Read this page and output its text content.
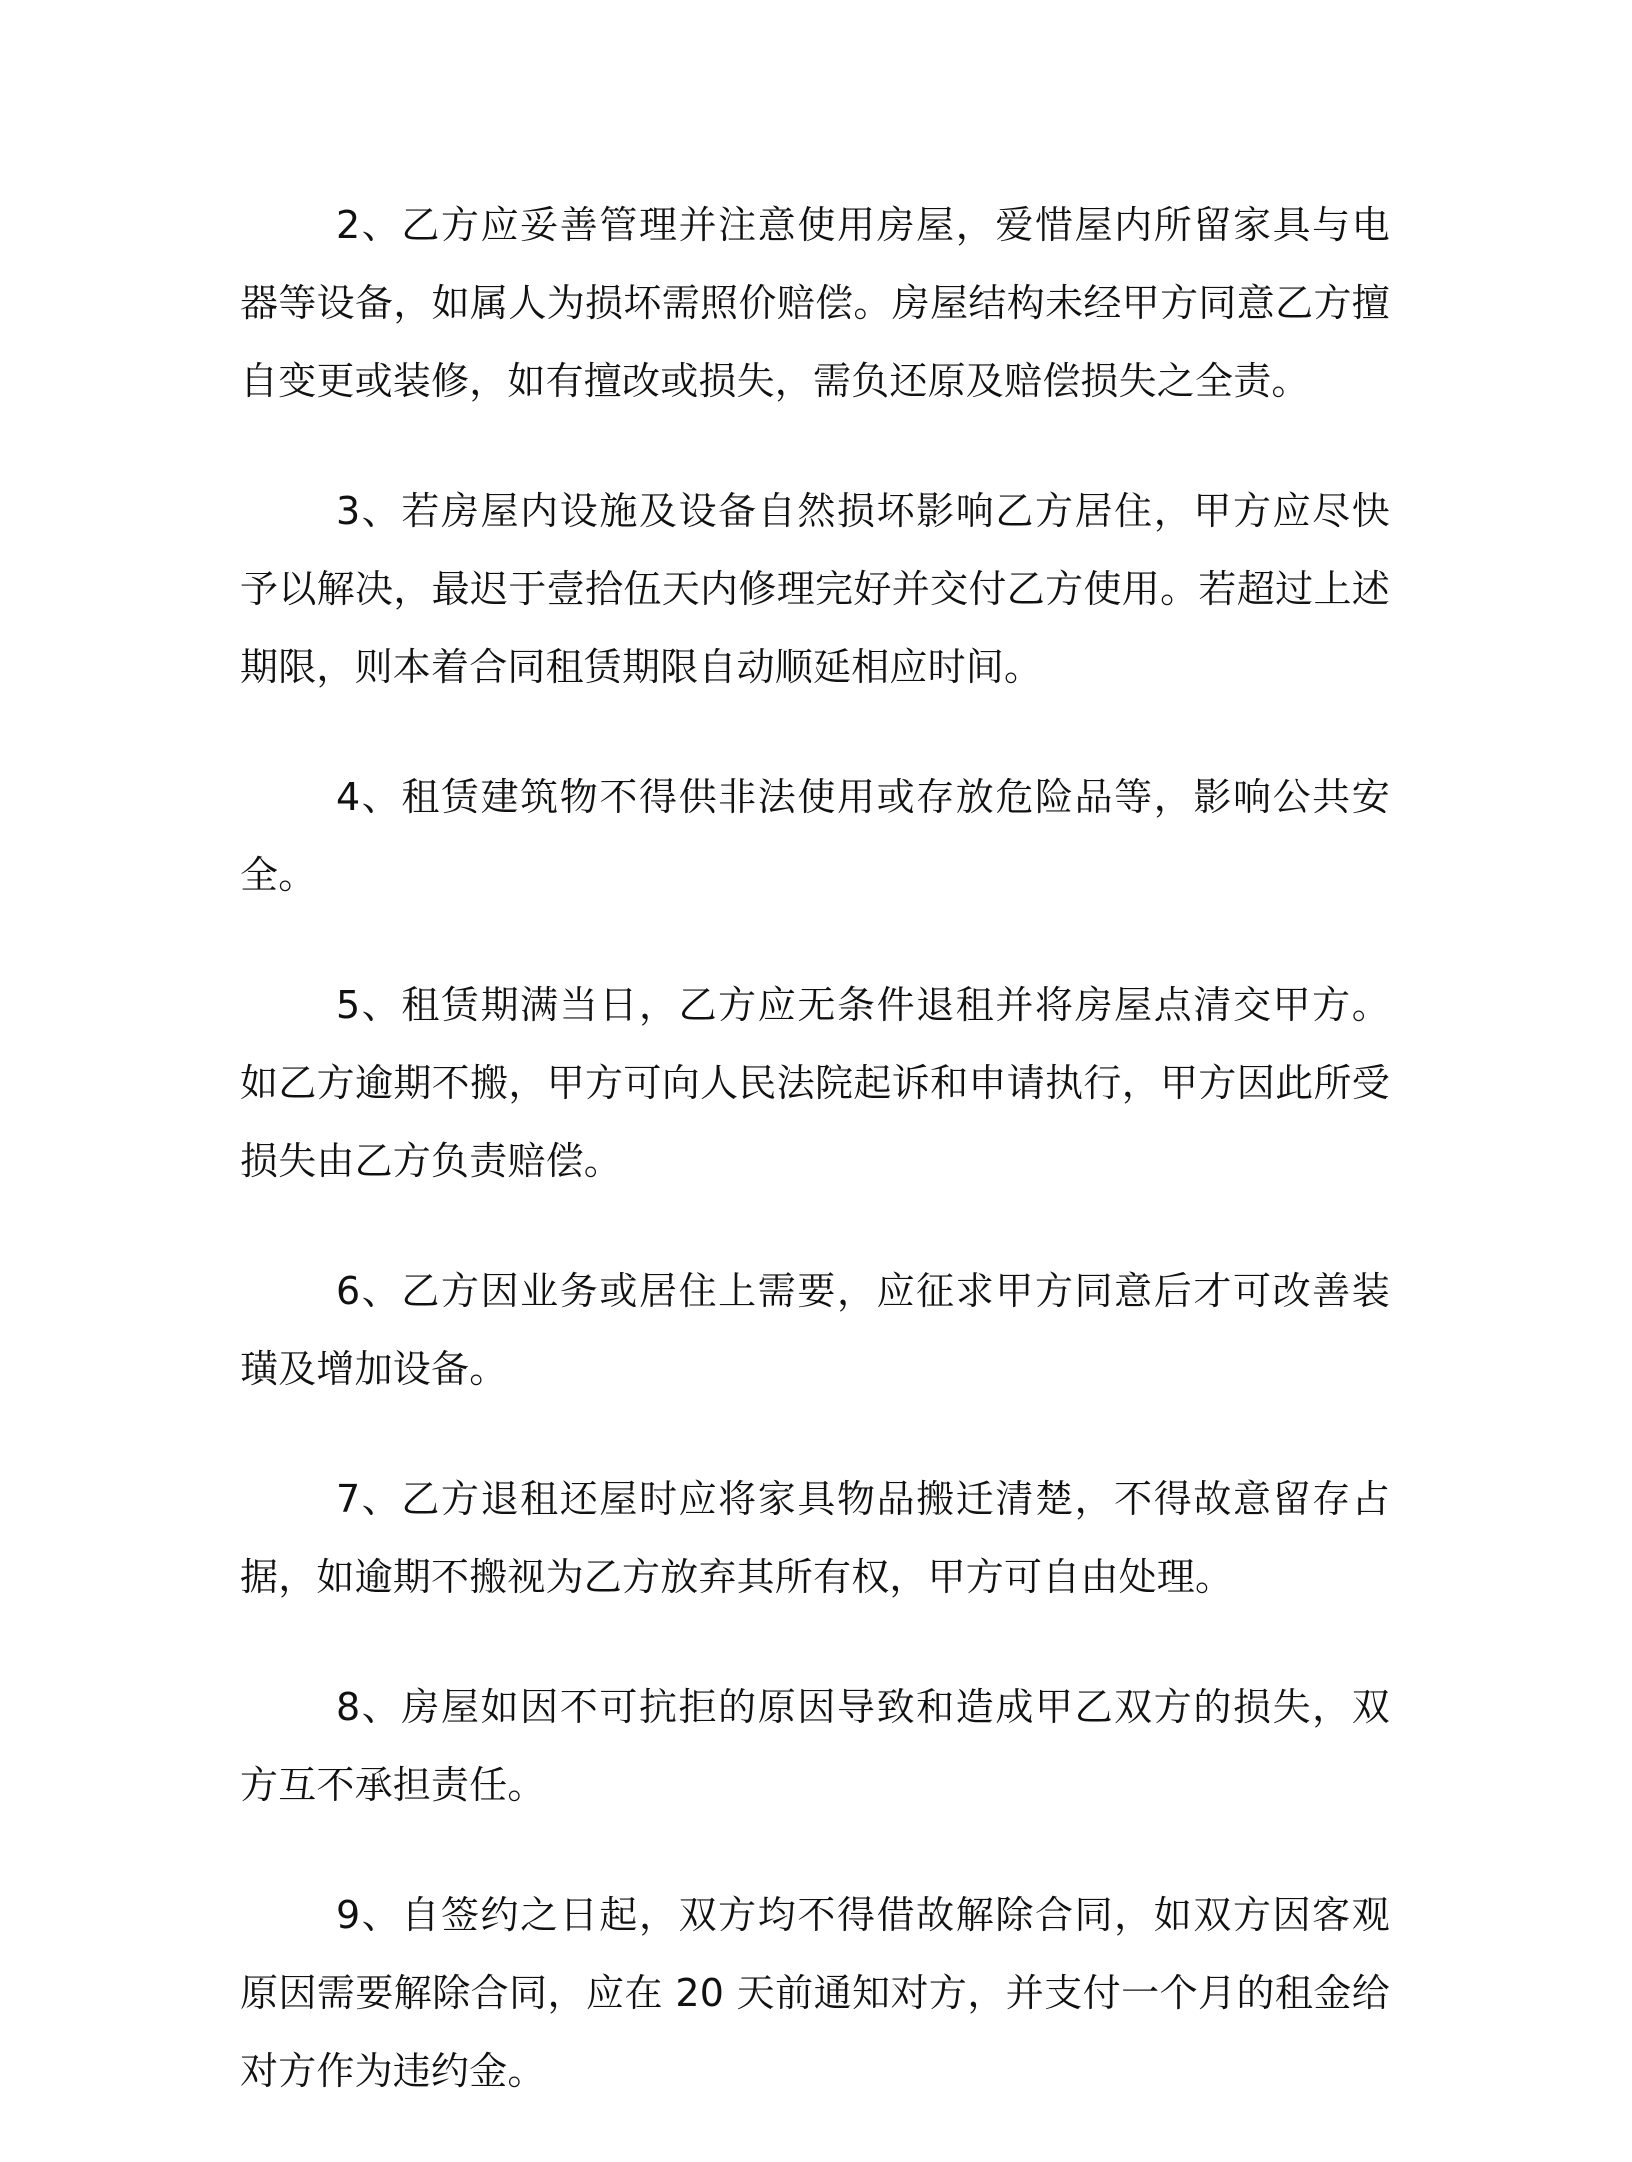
2、乙方应妥善管理并注意使用房屋，爱惜屋内所留家具与电器等设备，如属人为损坏需照价赔偿。房屋结构未经甲方同意乙方擅自变更或装修，如有擅改或损失，需负还原及赔偿损失之全责。

3、若房屋内设施及设备自然损坏影响乙方居住，甲方应尽快予以解决，最迟于壹拾伍天内修理完好并交付乙方使用。若超过上述期限，则本着合同租赁期限自动顺延相应时间。

4、租赁建筑物不得供非法使用或存放危险品等，影响公共安全。

5、租赁期满当日，乙方应无条件退租并将房屋点清交甲方。如乙方逾期不搬，甲方可向人民法院起诉和申请执行，甲方因此所受损失由乙方负责赔偿。

6、乙方因业务或居住上需要，应征求甲方同意后才可改善装璜及增加设备。

7、乙方退租还屋时应将家具物品搬迁清楚，不得故意留存占据，如逾期不搬视为乙方放弃其所有权，甲方可自由处理。

8、房屋如因不可抗拒的原因导致和造成甲乙双方的损失，双方互不承担责任。

9、自签约之日起，双方均不得借故解除合同，如双方因客观原因需要解除合同，应在 20 天前通知对方，并支付一个月的租金给对方作为违约金。
